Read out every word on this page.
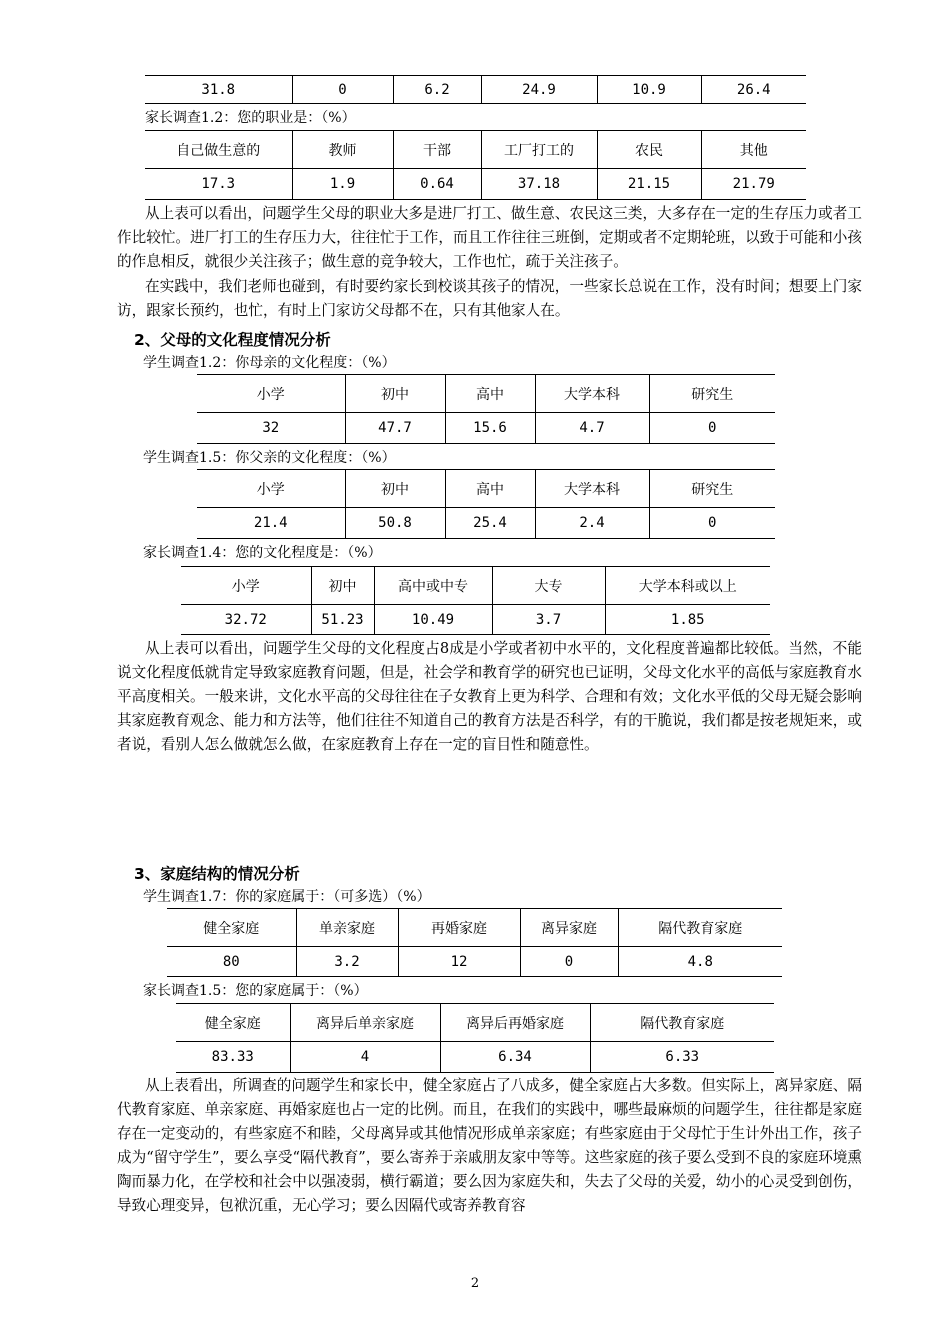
31.8	0	6.2	24.9	10.9	26.4
家长调查1.2：您的职业是：（%）
自己做生意的	教师	干部	工厂打工的	农民	其他
17.3	1.9	0.64	37.18	21.15	21.79
从上表可以看出，问题学生父母的职业大多是进厂打工、做生意、农民这三类，大多存在一定的生存压力或者工作比较忙。进厂打工的生存压力大，往往忙于工作，而且工作往往三班倒，定期或者不定期轮班，以致于可能和小孩的作息相反，就很少关注孩子；做生意的竞争较大，工作也忙，疏于关注孩子。
在实践中，我们老师也碰到，有时要约家长到校谈其孩子的情况，一些家长总说在工作，没有时间；想要上门家访，跟家长预约，也忙，有时上门家访父母都不在，只有其他家人在。
2、父母的文化程度情况分析
学生调查1.2：你母亲的文化程度：（%）
小学	初中	高中	大学本科	研究生
32	47.7	15.6	4.7	0
学生调查1.5：你父亲的文化程度：（%）
小学	初中	高中	大学本科	研究生
21.4	50.8	25.4	2.4	0
家长调查1.4：您的文化程度是：（%）
小学	初中	高中或中专	大专	大学本科或以上
32.72	51.23	10.49	3.7	1.85
从上表可以看出，问题学生父母的文化程度占8成是小学或者初中水平的，文化程度普遍都比较低。当然，不能说文化程度低就肯定导致家庭教育问题，但是，社会学和教育学的研究也已证明，父母文化水平的高低与家庭教育水平高度相关。一般来讲，文化水平高的父母往往在子女教育上更为科学、合理和有效；文化水平低的父母无疑会影响其家庭教育观念、能力和方法等，他们往往不知道自己的教育方法是否科学，有的干脆说，我们都是按老规矩来，或者说，看别人怎么做就怎么做，在家庭教育上存在一定的盲目性和随意性。
3、家庭结构的情况分析
学生调查1.7：你的家庭属于：（可多选）（%）
健全家庭	单亲家庭	再婚家庭	离异家庭	隔代教育家庭
80	3.2	12	0	4.8
家长调查1.5：您的家庭属于：（%）
健全家庭	离异后单亲家庭	离异后再婚家庭	隔代教育家庭
83.33	4	6.34	6.33
从上表看出，所调查的问题学生和家长中，健全家庭占了八成多，健全家庭占大多数。但实际上，离异家庭、隔代教育家庭、单亲家庭、再婚家庭也占一定的比例。而且，在我们的实践中，哪些最麻烦的问题学生，往往都是家庭存在一定变动的，有些家庭不和睦，父母离异或其他情况形成单亲家庭；有些家庭由于父母忙于生计外出工作，孩子成为“留守学生”，要么享受“隔代教育”，要么寄养于亲戚朋友家中等等。这些家庭的孩子要么受到不良的家庭环境熏陶而暴力化，在学校和社会中以强凌弱，横行霸道；要么因为家庭失和，失去了父母的关爱，幼小的心灵受到创伤，导致心理变异，包袱沉重，无心学习；要么因隔代或寄养教育容
2
